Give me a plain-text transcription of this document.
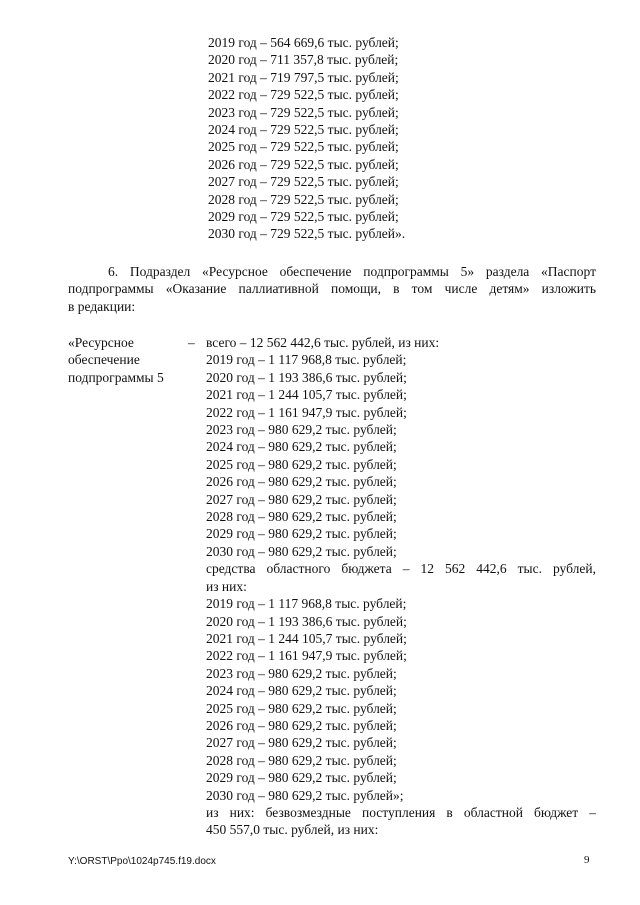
2019 год – 564 669,6 тыс. рублей;
2020 год – 711 357,8 тыс. рублей;
2021 год – 719 797,5 тыс. рублей;
2022 год – 729 522,5 тыс. рублей;
2023 год – 729 522,5 тыс. рублей;
2024 год – 729 522,5 тыс. рублей;
2025 год – 729 522,5 тыс. рублей;
2026 год – 729 522,5 тыс. рублей;
2027 год – 729 522,5 тыс. рублей;
2028 год – 729 522,5 тыс. рублей;
2029 год – 729 522,5 тыс. рублей;
2030 год – 729 522,5 тыс. рублей».
6. Подраздел «Ресурсное обеспечение подпрограммы 5» раздела «Паспорт
подпрограммы «Оказание паллиативной помощи, в том числе детям» изложить
в редакции:
«Ресурсное
обеспечение
подпрограммы 5
– всего – 12 562 442,6 тыс. рублей, из них:
2019 год – 1 117 968,8 тыс. рублей;
2020 год – 1 193 386,6 тыс. рублей;
2021 год – 1 244 105,7 тыс. рублей;
2022 год – 1 161 947,9 тыс. рублей;
2023 год – 980 629,2 тыс. рублей;
2024 год – 980 629,2 тыс. рублей;
2025 год – 980 629,2 тыс. рублей;
2026 год – 980 629,2 тыс. рублей;
2027 год – 980 629,2 тыс. рублей;
2028 год – 980 629,2 тыс. рублей;
2029 год – 980 629,2 тыс. рублей;
2030 год – 980 629,2 тыс. рублей;
средства областного бюджета – 12 562 442,6 тыс. рублей,
из них:
2019 год – 1 117 968,8 тыс. рублей;
2020 год – 1 193 386,6 тыс. рублей;
2021 год – 1 244 105,7 тыс. рублей;
2022 год – 1 161 947,9 тыс. рублей;
2023 год – 980 629,2 тыс. рублей;
2024 год – 980 629,2 тыс. рублей;
2025 год – 980 629,2 тыс. рублей;
2026 год – 980 629,2 тыс. рублей;
2027 год – 980 629,2 тыс. рублей;
2028 год – 980 629,2 тыс. рублей;
2029 год – 980 629,2 тыс. рублей;
2030 год – 980 629,2 тыс. рублей»;
из них: безвозмездные поступления в областной бюджет –
450 557,0 тыс. рублей, из них:
Y:\ORST\Ppo\1024p745.f19.docx	9
